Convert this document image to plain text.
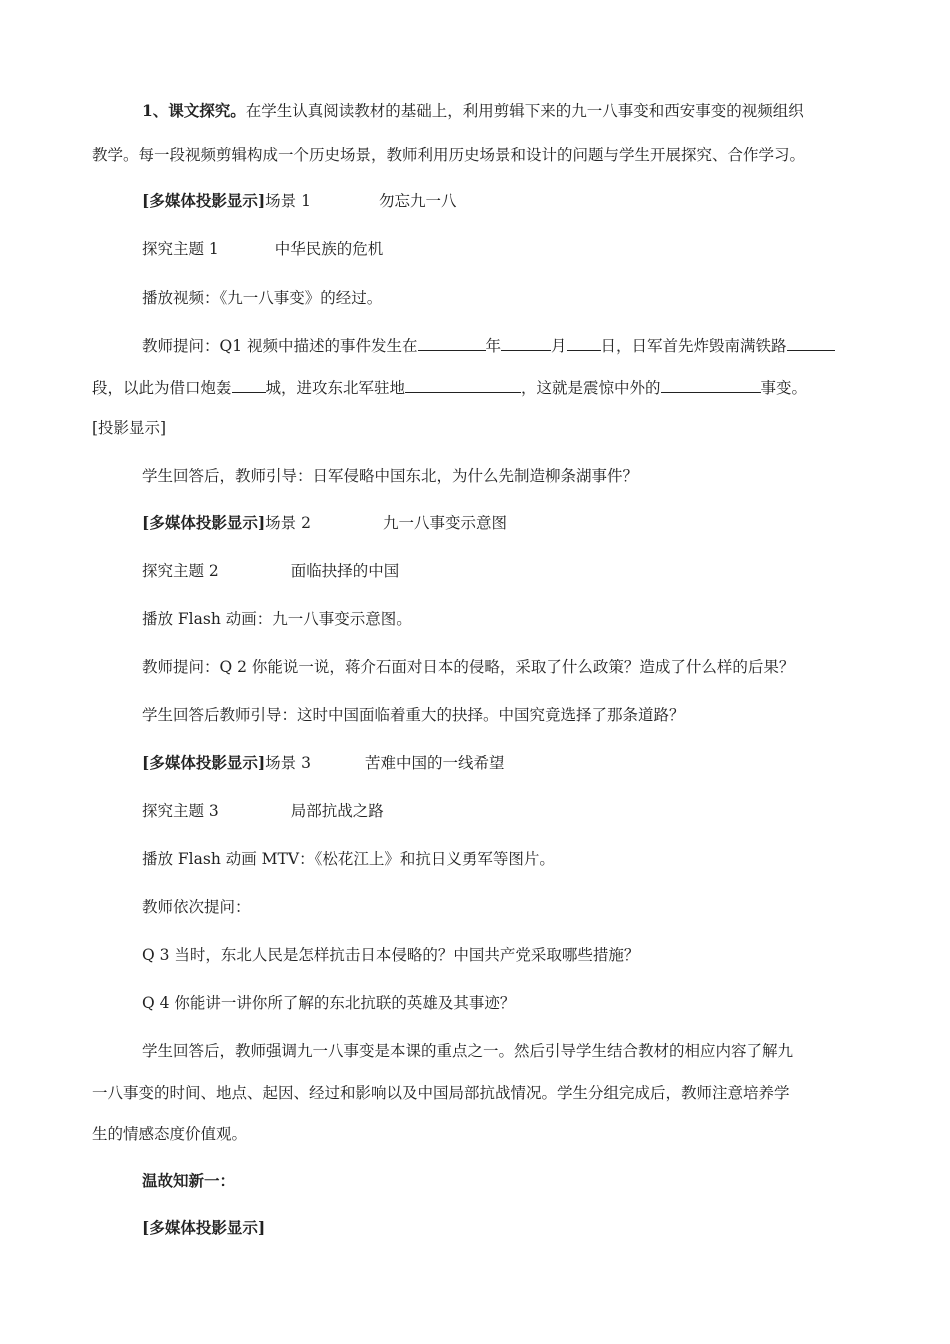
1、课文探究。在学生认真阅读教材的基础上，利用剪辑下来的九一八事变和西安事变的视频组织
教学。每一段视频剪辑构成一个历史场景，教师利用历史场景和设计的问题与学生开展探究、合作学习。
[多媒体投影显示]场景 1	勿忘九一八
探究主题 1	中华民族的危机
播放视频：《九一八事变》的经过。
教师提问：Q1 视频中描述的事件发生在	年	月 日，日军首先炸毁南满铁路
段，以此为借口炮轰 城，进攻东北军驻地	，这就是震惊中外的	事变。
[投影显示]
学生回答后，教师引导：日军侵略中国东北，为什么先制造柳条湖事件？
[多媒体投影显示]场景 2	九一八事变示意图
探究主题 2	面临抉择的中国
播放 Flash 动画：九一八事变示意图。
教师提问：Q 2 你能说一说，蒋介石面对日本的侵略，采取了什么政策？造成了什么样的后果？
学生回答后教师引导：这时中国面临着重大的抉择。中国究竟选择了那条道路？
[多媒体投影显示]场景 3	苦难中国的一线希望
探究主题 3	局部抗战之路
播放 Flash 动画 MTV：《松花江上》和抗日义勇军等图片。
教师依次提问：
Q 3 当时，东北人民是怎样抗击日本侵略的？中国共产党采取哪些措施？
Q 4 你能讲一讲你所了解的东北抗联的英雄及其事迹？
学生回答后，教师强调九一八事变是本课的重点之一。然后引导学生结合教材的相应内容了解九
一八事变的时间、地点、起因、经过和影响以及中国局部抗战情况。学生分组完成后，教师注意培养学
生的情感态度价值观。
温故知新一：
[多媒体投影显示]
